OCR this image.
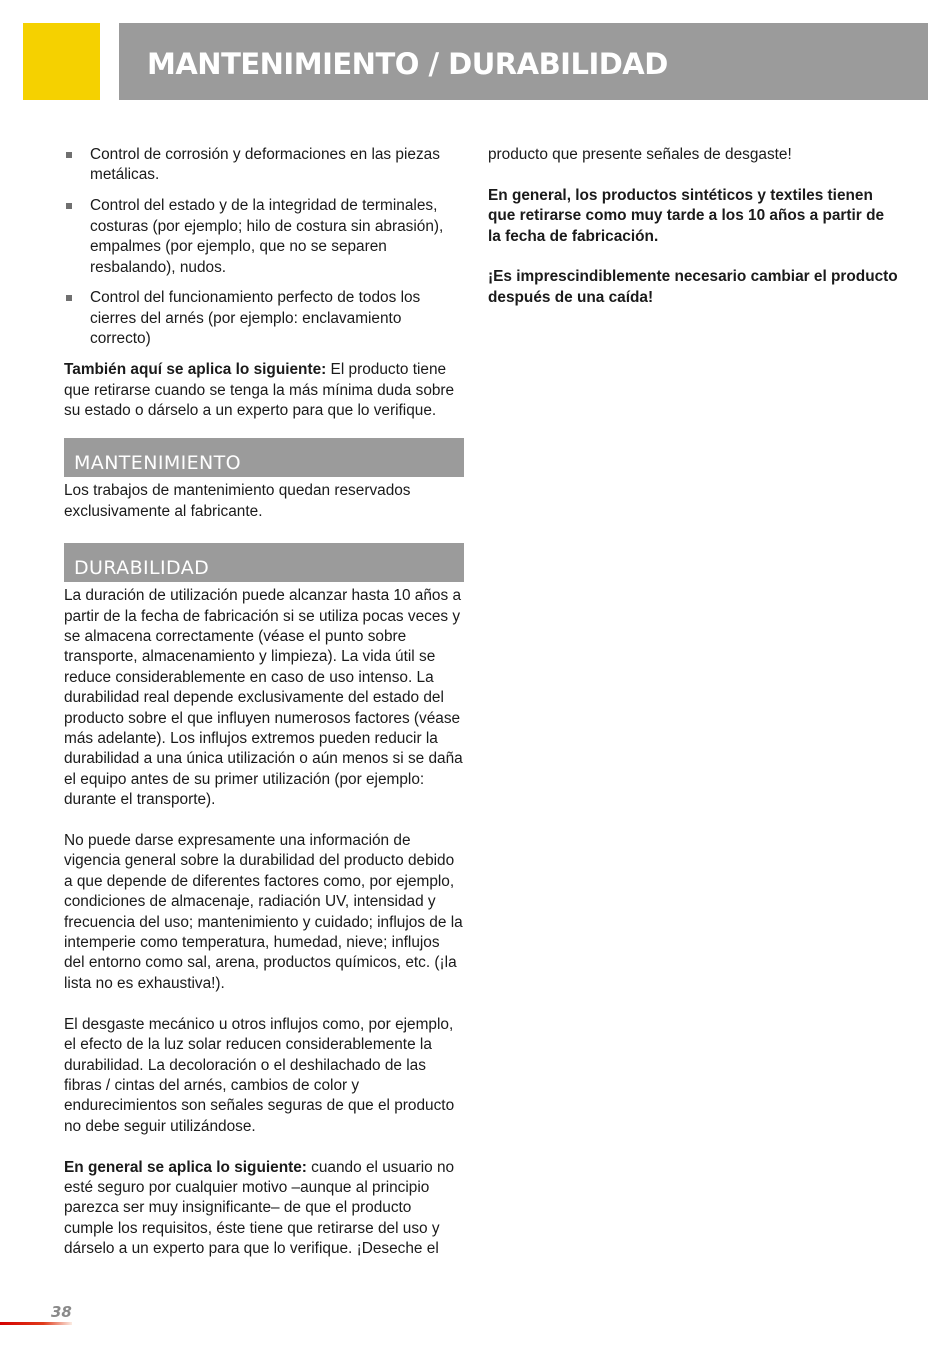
MANTENIMIENTO / DURABILIDAD
Control de corrosión y deformaciones en las piezas metálicas.
Control del estado y de la integridad de terminales, costuras (por ejemplo; hilo de costura sin abrasión), empalmes (por ejemplo, que no se separen resbalando), nudos.
Control del funcionamiento perfecto de todos los cierres del arnés (por ejemplo: enclavamiento correcto)

También aquí se aplica lo siguiente: El producto tiene que retirarse cuando se tenga la más mínima duda sobre su estado o dárselo a un experto para que lo verifique.

MANTENIMIENTO

Los trabajos de mantenimiento quedan reservados exclusivamente al fabricante.

DURABILIDAD

La duración de utilización puede alcanzar hasta 10 años a partir de la fecha de fabricación si se utiliza pocas veces y se almacena correctamente (véase el punto sobre transporte, almacenamiento y limpieza). La vida útil se reduce considerablemente en caso de uso intenso. La durabilidad real depende exclusivamente del estado del producto sobre el que influyen numerosos factores (véase más adelante). Los influjos extremos pueden reducir la durabilidad a una única utilización o aún menos si se daña el equipo antes de su primer utilización (por ejemplo: durante el transporte).

No puede darse expresamente una información de vigencia general sobre la durabilidad del producto debido a que depende de diferentes factores como, por ejemplo, condiciones de almacenaje, radiación UV, intensidad y frecuencia del uso; mantenimiento y cuidado; influjos de la intemperie como temperatura, humedad, nieve; influjos del entorno como sal, arena, productos químicos, etc. (¡la lista no es exhaustiva!).

El desgaste mecánico u otros influjos como, por ejemplo, el efecto de la luz solar reducen considerablemente la durabilidad. La decoloración o el deshilachado de las fibras / cintas del arnés, cambios de color y endurecimientos son señales seguras de que el producto no debe seguir utilizándose.

En general se aplica lo siguiente: cuando el usuario no esté seguro por cualquier motivo –aunque al principio parezca ser muy insignificante– de que el producto cumple los requisitos, éste tiene que retirarse del uso y dárselo a un experto para que lo verifique. ¡Deseche el

producto que presente señales de desgaste!

En general, los productos sintéticos y textiles tienen que retirarse como muy tarde a los 10 años a partir de la fecha de fabricación.

¡Es imprescindiblemente necesario cambiar el producto después de una caída!

38
